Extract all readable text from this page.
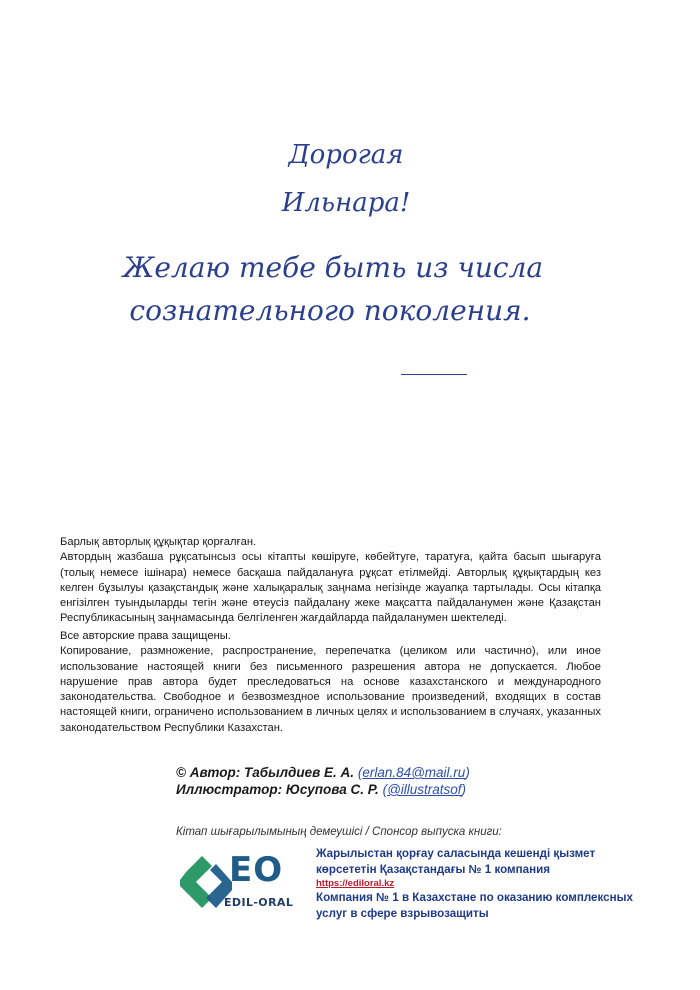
Дорогая
Ильнара!
Желаю тебе быть из числа
сознательного поколения.

Барлық авторлық құқықтар қорғалған.

Автордың жазбаша рұқсатынсыз осы кітапты көшіруге, көбейтуге, таратуға, қайта басып шығаруға (толық немесе ішінара) немесе басқаша пайдалануға рұқсат етілмейді. Авторлық құқықтардың кез келген бұзылуы қазақстандық және халықаралық заңнама негізінде жауапқа тартылады. Осы кітапқа енгізілген туындыларды тегін және өтеусіз пайдалану жеке мақсатта пайдаланумен және Қазақстан Республикасының заңнамасында белгіленген жағдайларда пайдаланумен шектеледі.

Все авторские права защищены.

Копирование, размножение, распространение, перепечатка (целиком или частично), или иное использование настоящей книги без письменного разрешения автора не допускается. Любое нарушение прав автора будет преследоваться на основе казахстанского и международного законодательства. Свободное и безвозмездное использование произведений, входящих в состав настоящей книги, ограничено использованием в личных целях и использованием в случаях, указанных законодательством Республики Казахстан.

© Автор: Табылдиев Е. А. (erlan.84@mail.ru)
Иллюстратор: Юсупова С. Р. (@illustratsof)
Кітап шығарылымының демеушісі / Спонсор выпуска книги:
EO
EDIL-ORAL
Жарылыстан қорғау саласында кешенді қызмет көрсететін Қазақстандағы № 1 компания
https://ediloral.kz
Компания № 1 в Казахстане по оказанию комплексных услуг в сфере взрывозащиты
